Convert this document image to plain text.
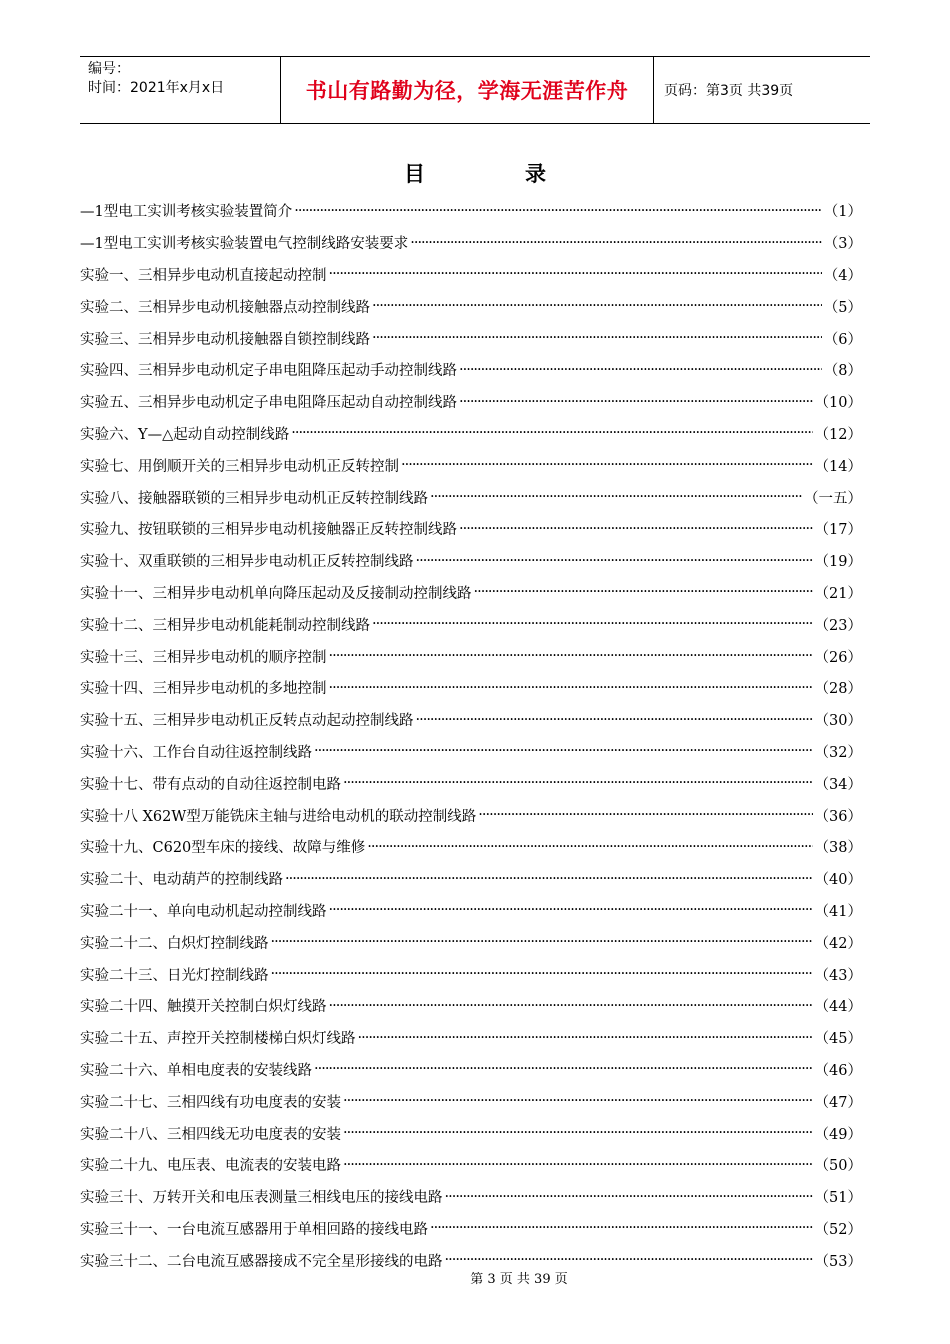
编号：
时间：2021年x月x日	书山有路勤为径，学海无涯苦作舟	页码：第3页 共39页
目	录
—1型电工实训考核实验装置简介 ·····	（1）
—1型电工实训考核实验装置电气控制线路安装要求 ·····	（3）
实验一、三相异步电动机直接起动控制 ·····	（4）
实验二、三相异步电动机接触器点动控制线路 ·····	（5）
实验三、三相异步电动机接触器自锁控制线路 ·····	（6）
实验四、三相异步电动机定子串电阻降压起动手动控制线路 ·····	（8）
实验五、三相异步电动机定子串电阻降压起动自动控制线路 ·····	（10）
实验六、Y—△起动自动控制线路 ·····	（12）
实验七、用倒顺开关的三相异步电动机正反转控制 ·····	（14）
实验八、接触器联锁的三相异步电动机正反转控制线路 ·····	（一五）
实验九、按钮联锁的三相异步电动机接触器正反转控制线路 ·····	（17）
实验十、双重联锁的三相异步电动机正反转控制线路 ·····	（19）
实验十一、三相异步电动机单向降压起动及反接制动控制线路 ·····	（21）
实验十二、三相异步电动机能耗制动控制线路 ·····	（23）
实验十三、三相异步电动机的顺序控制 ·····	（26）
实验十四、三相异步电动机的多地控制 ·····	（28）
实验十五、三相异步电动机正反转点动起动控制线路 ·····	（30）
实验十六、工作台自动往返控制线路 ·····	（32）
实验十七、带有点动的自动往返控制电路 ·····	（34）
实验十八 X62W型万能铣床主轴与进给电动机的联动控制线路 ·····	（36）
实验十九、C620型车床的接线、故障与维修 ·····	（38）
实验二十、电动葫芦的控制线路 ·····	（40）
实验二十一、单向电动机起动控制线路 ·····	（41）
实验二十二、白炽灯控制线路 ·····	（42）
实验二十三、日光灯控制线路 ·····	（43）
实验二十四、触摸开关控制白炽灯线路 ·····	（44）
实验二十五、声控开关控制楼梯白炽灯线路 ·····	（45）
实验二十六、单相电度表的安装线路 ·····	（46）
实验二十七、三相四线有功电度表的安装 ·····	（47）
实验二十八、三相四线无功电度表的安装 ·····	（49）
实验二十九、电压表、电流表的安装电路 ·····	（50）
实验三十、万转开关和电压表测量三相线电压的接线电路 ·····	（51）
实验三十一、一台电流互感器用于单相回路的接线电路 ·····	（52）
实验三十二、二台电流互感器接成不完全星形接线的电路 ·····	（53）
第 3 页 共 39 页
